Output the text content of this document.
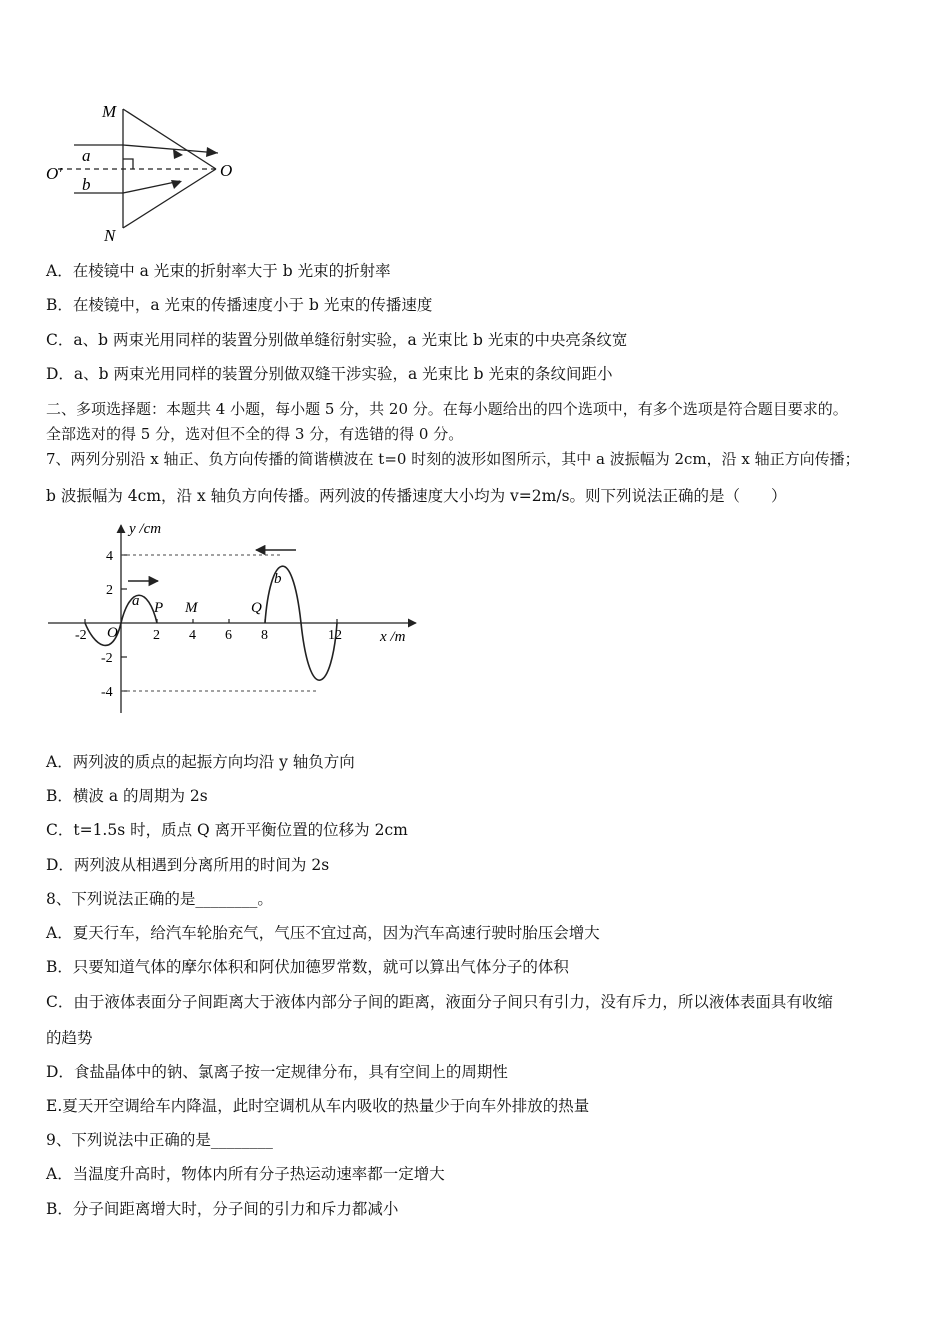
M
N
O′	O
a
b
A．在棱镜中 a 光束的折射率大于 b 光束的折射率
B．在棱镜中，a 光束的传播速度小于 b 光束的传播速度
C．a、b 两束光用同样的装置分别做单缝衍射实验，a 光束比 b 光束的中央亮条纹宽
D．a、b 两束光用同样的装置分别做双缝干涉实验，a 光束比 b 光束的条纹间距小
二、多项选择题：本题共 4 小题，每小题 5 分，共 20 分。在每小题给出的四个选项中，有多个选项是符合题目要求的。
全部选对的得 5 分，选对但不全的得 3 分，有选错的得 0 分。
7、两列分别沿 x 轴正、负方向传播的简谐横波在 t=0 时刻的波形如图所示，其中 a 波振幅为 2cm，沿 x 轴正方向传播；
b 波振幅为 4cm，沿 x 轴负方向传播。两列波的传播速度大小均为 v=2m/s。则下列说法正确的是（　　）
y /cm
x /m
4
2
-2
-4
-2	2 4 6 8	12
O
P M	Q
a
b
A．两列波的质点的起振方向均沿 y 轴负方向
B．横波 a 的周期为 2s
C．t=1.5s 时，质点 Q 离开平衡位置的位移为 2cm
D．两列波从相遇到分离所用的时间为 2s
8、下列说法正确的是________。
A．夏天行车，给汽车轮胎充气，气压不宜过高，因为汽车高速行驶时胎压会增大
B．只要知道气体的摩尔体积和阿伏加德罗常数，就可以算出气体分子的体积
C．由于液体表面分子间距离大于液体内部分子间的距离，液面分子间只有引力，没有斥力，所以液体表面具有收缩
的趋势
D．食盐晶体中的钠、氯离子按一定规律分布，具有空间上的周期性
E.夏天开空调给车内降温，此时空调机从车内吸收的热量少于向车外排放的热量
9、下列说法中正确的是________
A．当温度升高时，物体内所有分子热运动速率都一定增大
B．分子间距离增大时，分子间的引力和斥力都减小
